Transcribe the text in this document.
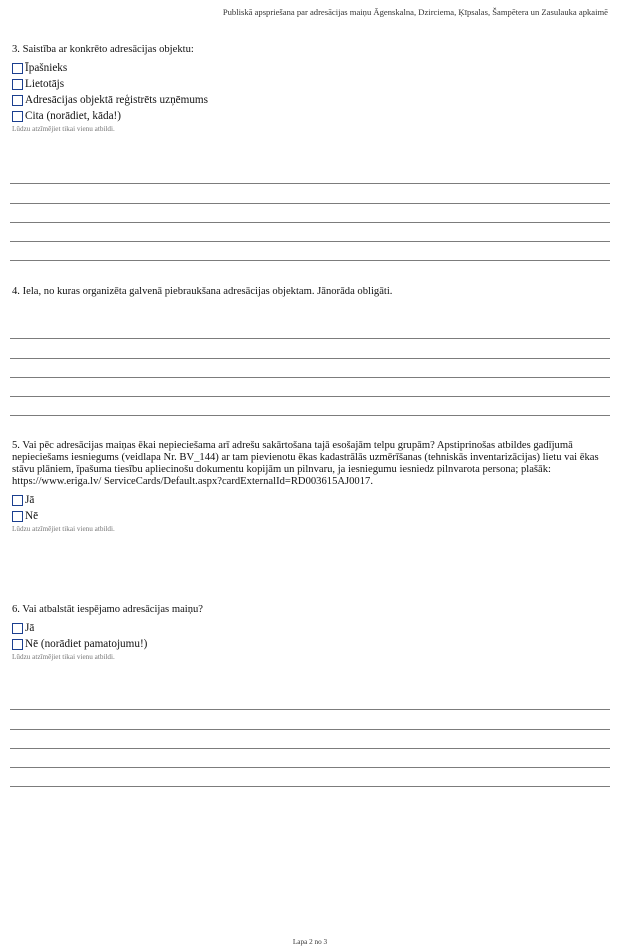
Publiskā apspriešana par adresācijas maiņu Āgenskalna, Dzirciema, Ķīpsalas, Šampētera un Zasulauka apkaimē

3. Saistība ar konkrēto adresācijas objektu:

Īpašnieks
Lietotājs
Adresācijas objektā reģistrēts uzņēmums
Cita (norādiet, kāda!)
Lūdzu atzīmējiet tikai vienu atbildi.

4. Iela, no kuras organizēta galvenā piebraukšana adresācijas objektam. Jānorāda obligāti.

5. Vai pēc adresācijas maiņas ēkai nepieciešama arī adrešu sakārtošana tajā esošajām telpu grupām? Apstiprinošas atbildes gadījumā nepieciešams iesniegums (veidlapa Nr. BV_144) ar tam pievienotu ēkas kadastrālās uzmērīšanas (tehniskās inventarizācijas) lietu vai ēkas stāvu plāniem, īpašuma tiesību apliecinošu dokumentu kopijām un pilnvaru, ja iesniegumu iesniedz pilnvarota persona; plašāk: https://www.eriga.lv/ ServiceCards/Default.aspx?cardExternalId=RD003615AJ0017.

Jā
Nē
Lūdzu atzīmējiet tikai vienu atbildi.

6. Vai atbalstāt iespējamo adresācijas maiņu?

Jā
Nē (norādiet pamatojumu!)
Lūdzu atzīmējiet tikai vienu atbildi.
Lapa 2 no 3
